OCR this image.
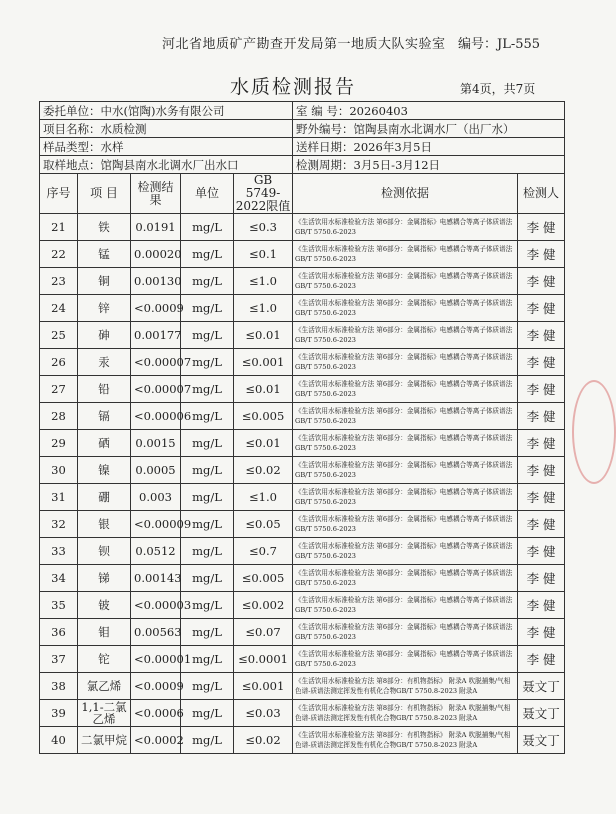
河北省地质矿产勘查开发局第一地质大队实验室 编号：JL-555
水质检测报告	第4页，共7页
委托单位：中水(馆陶)水务有限公司					室 编 号：20260403	
项目名称：水质检测					野外编号：馆陶县南水北调水厂（出厂水）	
样品类型：水样					送样日期：2026年3月5日	
取样地点：馆陶县南水北调水厂出水口					检测周期：3月5日-3月12日	
序号	项 目	检测结果	单位	GB 5749-2022限值	检测依据	检测人
21	铁	0.0191	mg/L	≤0.3	《生活饮用水标准检验方法 第6部分：金属指标》电感耦合等离子体质谱法 GB/T 5750.6-2023	李 健
22	锰	0.00020	mg/L	≤0.1	《生活饮用水标准检验方法 第6部分：金属指标》电感耦合等离子体质谱法 GB/T 5750.6-2023	李 健
23	铜	0.00130	mg/L	≤1.0	《生活饮用水标准检验方法 第6部分：金属指标》电感耦合等离子体质谱法 GB/T 5750.6-2023	李 健
24	锌	<0.0009	mg/L	≤1.0	《生活饮用水标准检验方法 第6部分：金属指标》电感耦合等离子体质谱法 GB/T 5750.6-2023	李 健
25	砷	0.00177	mg/L	≤0.01	《生活饮用水标准检验方法 第6部分：金属指标》电感耦合等离子体质谱法 GB/T 5750.6-2023	李 健
26	汞	<0.00007	mg/L	≤0.001	《生活饮用水标准检验方法 第6部分：金属指标》电感耦合等离子体质谱法 GB/T 5750.6-2023	李 健
27	铅	<0.00007	mg/L	≤0.01	《生活饮用水标准检验方法 第6部分：金属指标》电感耦合等离子体质谱法 GB/T 5750.6-2023	李 健
28	镉	<0.00006	mg/L	≤0.005	《生活饮用水标准检验方法 第6部分：金属指标》电感耦合等离子体质谱法 GB/T 5750.6-2023	李 健
29	硒	0.0015	mg/L	≤0.01	《生活饮用水标准检验方法 第6部分：金属指标》电感耦合等离子体质谱法 GB/T 5750.6-2023	李 健
30	镍	0.0005	mg/L	≤0.02	《生活饮用水标准检验方法 第6部分：金属指标》电感耦合等离子体质谱法 GB/T 5750.6-2023	李 健
31	硼	0.003	mg/L	≤1.0	《生活饮用水标准检验方法 第6部分：金属指标》电感耦合等离子体质谱法 GB/T 5750.6-2023	李 健
32	银	<0.00009	mg/L	≤0.05	《生活饮用水标准检验方法 第6部分：金属指标》电感耦合等离子体质谱法 GB/T 5750.6-2023	李 健
33	钡	0.0512	mg/L	≤0.7	《生活饮用水标准检验方法 第6部分：金属指标》电感耦合等离子体质谱法 GB/T 5750.6-2023	李 健
34	锑	0.00143	mg/L	≤0.005	《生活饮用水标准检验方法 第6部分：金属指标》电感耦合等离子体质谱法 GB/T 5750.6-2023	李 健
35	铍	<0.00003	mg/L	≤0.002	《生活饮用水标准检验方法 第6部分：金属指标》电感耦合等离子体质谱法 GB/T 5750.6-2023	李 健
36	钼	0.00563	mg/L	≤0.07	《生活饮用水标准检验方法 第6部分：金属指标》电感耦合等离子体质谱法 GB/T 5750.6-2023	李 健
37	铊	<0.00001	mg/L	≤0.0001	《生活饮用水标准检验方法 第6部分：金属指标》电感耦合等离子体质谱法 GB/T 5750.6-2023	李 健
38	氯乙烯	<0.0009	mg/L	≤0.001	《生活饮用水标准检验方法 第8部分：有机物指标》 附录A 吹脱捕集/气相色谱-质谱法测定挥发性有机化合物GB/T 5750.8-2023 附录A	聂文丁
39	1,1-二氯乙烯	<0.0006	mg/L	≤0.03	《生活饮用水标准检验方法 第8部分：有机物指标》 附录A 吹脱捕集/气相色谱-质谱法测定挥发性有机化合物GB/T 5750.8-2023 附录A	聂文丁
40	二氯甲烷	<0.0002	mg/L	≤0.02	《生活饮用水标准检验方法 第8部分：有机物指标》 附录A 吹脱捕集/气相色谱-质谱法测定挥发性有机化合物GB/T 5750.8-2023 附录A	聂文丁
